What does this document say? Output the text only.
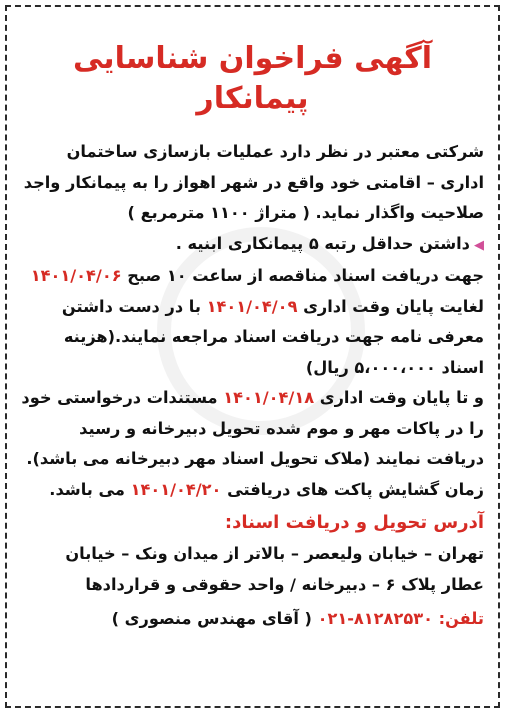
آگهی فراخوان شناسایی پیمانکار

شرکتی معتبر در نظر دارد عملیات بازسازی ساختمان اداری – اقامتی خود واقع در شهر اهواز را به پیمانکار واجد صلاحیت واگذار نماید. ( متراژ ۱۱۰۰ مترمربع )

◀داشتن حداقل رتبه ۵ پیمانکاری ابنیه .

جهت دریافت اسناد مناقصه از ساعت ۱۰ صبح ۱۴۰۱/۰۴/۰۶ لغایت پایان وقت اداری ۱۴۰۱/۰۴/۰۹ با در دست داشتن معرفی نامه جهت دریافت اسناد مراجعه نمایند.(هزینه اسناد ۵،۰۰۰،۰۰۰ ریال)

و تا پایان وقت اداری ۱۴۰۱/۰۴/۱۸ مستندات درخواستی خود را در پاکات مهر و موم شده تحویل دبیرخانه و رسید دریافت نمایند (ملاک تحویل اسناد مهر دبیرخانه می باشد).

زمان گشایش پاکت های دریافتی ۱۴۰۱/۰۴/۲۰ می باشد.

آدرس تحویل و دریافت اسناد:

تهران – خیابان ولیعصر – بالاتر از میدان ونک – خیابان عطار پلاک ۶ – دبیرخانه / واحد حقوقی و قراردادها

تلفن: ۰۲۱-۸۱۲۸۲۵۳۰ ( آقای مهندس منصوری )
